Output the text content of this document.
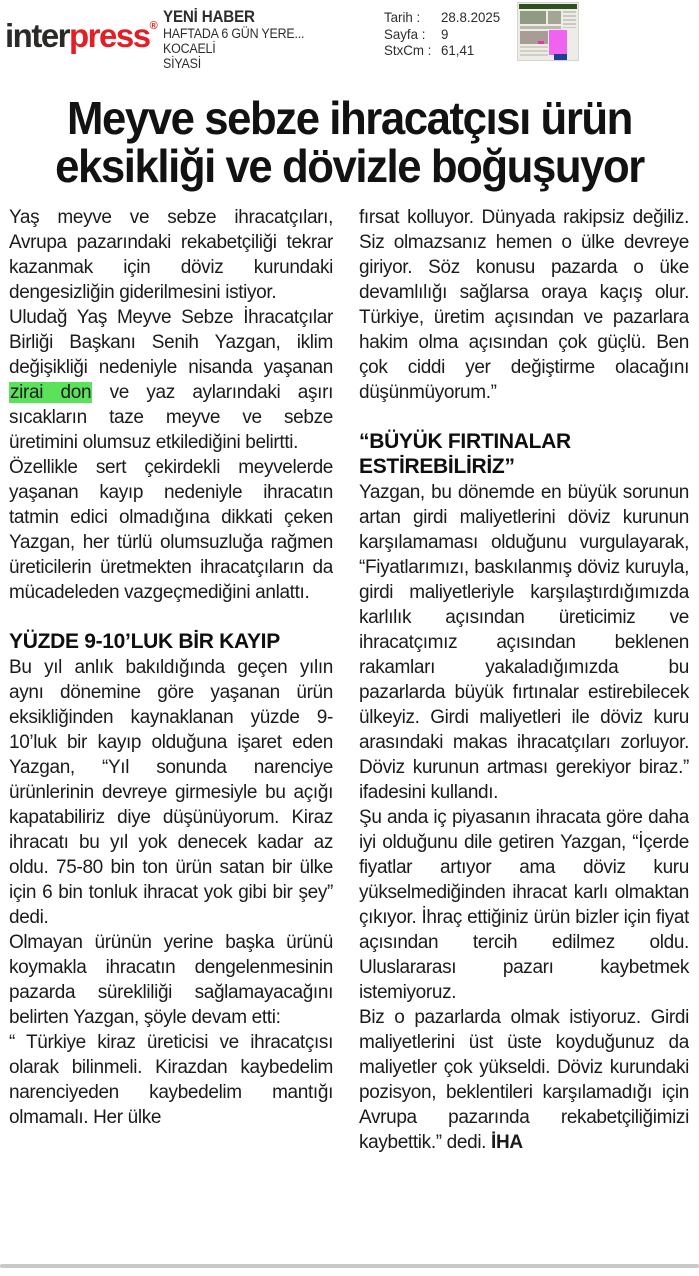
interpress® YENİ HABER
HAFTADA 6 GÜN YERE...
KOCAELİ
SİYASİ
Tarih :	28.8.2025
Sayfa :	9
StxCm : 61,41
Meyve sebze ihracatçısı ürün
eksikliği ve dövizle boğuşuyor

Yaş meyve ve sebze ihracatçıları, Avrupa pazarındaki rekabetçiliği tekrar kazanmak için döviz kurundaki dengesizliğin giderilmesini istiyor.

Uludağ Yaş Meyve Sebze İhracatçılar Birliği Başkanı Senih Yazgan, iklim değişikliği nedeniyle nisanda yaşanan zirai don ve yaz aylarındaki aşırı sıcakların taze meyve ve sebze üretimini olumsuz etkilediğini belirtti.

Özellikle sert çekirdekli meyvelerde yaşanan kayıp nedeniyle ihracatın tatmin edici olmadığına dikkati çeken Yazgan, her türlü olumsuzluğa rağmen üreticilerin üretmekten ihracatçıların da mücadeleden vazgeçmediğini anlattı.

YÜZDE 9-10’LUK BİR KAYIP

Bu yıl anlık bakıldığında geçen yılın aynı dönemine göre yaşanan ürün eksikliğinden kaynaklanan yüzde 9-10’luk bir kayıp olduğuna işaret eden Yazgan, “Yıl sonunda narenciye ürünlerinin devreye girmesiyle bu açığı kapatabiliriz diye düşünüyorum. Kiraz ihracatı bu yıl yok denecek kadar az oldu. 75-80 bin ton ürün satan bir ülke için 6 bin tonluk ihracat yok gibi bir şey” dedi.

Olmayan ürünün yerine başka ürünü koymakla ihracatın dengelenmesinin pazarda sürekliliği sağlamayacağını belirten Yazgan, şöyle devam etti:

“ Türkiye kiraz üreticisi ve ihracatçısı olarak bilinmeli. Kirazdan kaybedelim narenciyeden kaybedelim mantığı olmamalı. Her ülke

fırsat kolluyor. Dünyada rakipsiz değiliz. Siz olmazsanız hemen o ülke devreye giriyor. Söz konusu pazarda o üke devamlılığı sağlarsa oraya kaçış olur. Türkiye, üretim açısından ve pazarlara hakim olma açısından çok güçlü. Ben çok ciddi yer değiştirme olacağını düşünmüyorum.”

“BÜYÜK FIRTINALAR ESTİREBİLİRİZ”

Yazgan, bu dönemde en büyük sorunun artan girdi maliyetlerini döviz kurunun karşılamaması olduğunu vurgulayarak, “Fiyatlarımızı, baskılanmış döviz kuruyla, girdi maliyetleriyle karşılaştırdığımızda karlılık açısından üreticimiz ve ihracatçımız açısından beklenen rakamları yakaladığımızda bu pazarlarda büyük fırtınalar estirebilecek ülkeyiz. Girdi maliyetleri ile döviz kuru arasındaki makas ihracatçıları zorluyor. Döviz kurunun artması gerekiyor biraz.” ifadesini kullandı.

Şu anda iç piyasanın ihracata göre daha iyi olduğunu dile getiren Yazgan, “İçerde fiyatlar artıyor ama döviz kuru yükselmediğinden ihracat karlı olmaktan çıkıyor. İhraç ettiğiniz ürün bizler için fiyat açısından tercih edilmez oldu. Uluslararası pazarı kaybetmek istemiyoruz.

Biz o pazarlarda olmak istiyoruz. Girdi maliyetlerini üst üste koyduğunuz da maliyetler çok yükseldi. Döviz kurundaki pozisyon, beklentileri karşılamadığı için Avrupa pazarında rekabetçiliğimizi kaybettik.” dedi. İHA
